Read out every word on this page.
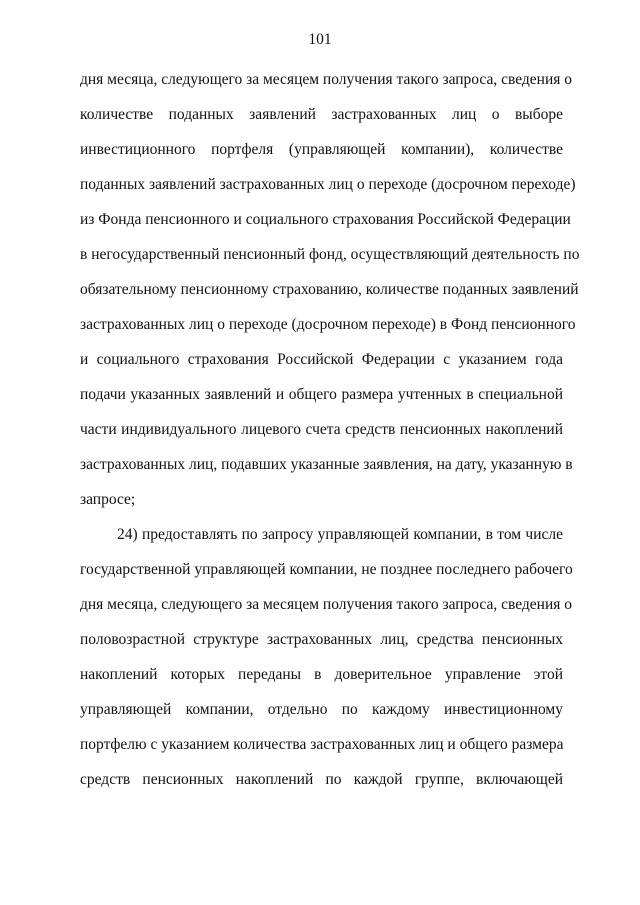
101
дня месяца, следующего за месяцем получения такого запроса, сведения о
количестве поданных заявлений застрахованных лиц о выборе
инвестиционного портфеля (управляющей компании), количестве
поданных заявлений застрахованных лиц о переходе (досрочном переходе)
из Фонда пенсионного и социального страхования Российской Федерации
в негосударственный пенсионный фонд, осуществляющий деятельность по
обязательному пенсионному страхованию, количестве поданных заявлений
застрахованных лиц о переходе (досрочном переходе) в Фонд пенсионного
и социального страхования Российской Федерации с указанием года
подачи указанных заявлений и общего размера учтенных в специальной
части индивидуального лицевого счета средств пенсионных накоплений
застрахованных лиц, подавших указанные заявления, на дату, указанную в
запросе;
24) предоставлять по запросу управляющей компании, в том числе
государственной управляющей компании, не позднее последнего рабочего
дня месяца, следующего за месяцем получения такого запроса, сведения о
половозрастной структуре застрахованных лиц, средства пенсионных
накоплений которых переданы в доверительное управление этой
управляющей компании, отдельно по каждому инвестиционному
портфелю с указанием количества застрахованных лиц и общего размера
средств пенсионных накоплений по каждой группе, включающей
